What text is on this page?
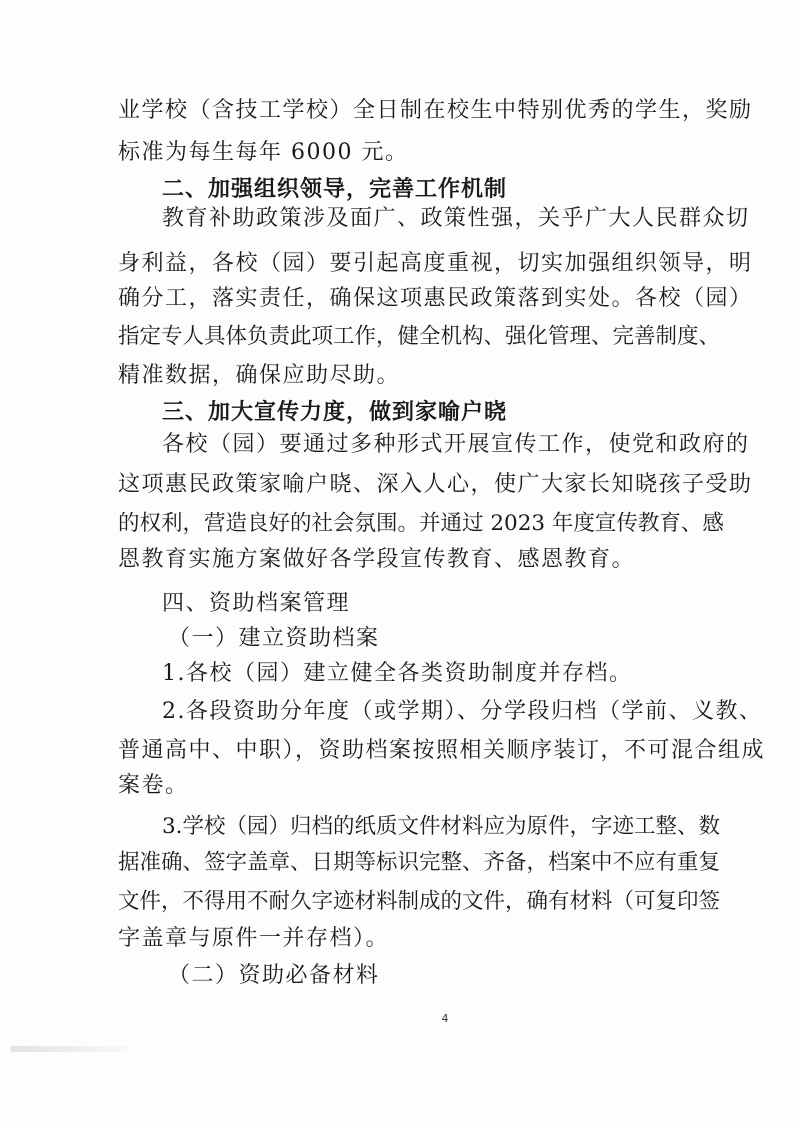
业学校（含技工学校）全日制在校生中特别优秀的学生，奖励
标准为每生每年 6000 元。
二、加强组织领导，完善工作机制
教育补助政策涉及面广、政策性强，关乎广大人民群众切
身利益，各校（园）要引起高度重视，切实加强组织领导，明
确分工，落实责任，确保这项惠民政策落到实处。各校（园）
指定专人具体负责此项工作，健全机构、强化管理、完善制度、
精准数据，确保应助尽助。
三、加大宣传力度，做到家喻户晓
各校（园）要通过多种形式开展宣传工作，使党和政府的
这项惠民政策家喻户晓、深入人心，使广大家长知晓孩子受助
的权利，营造良好的社会氛围。并通过 2023 年度宣传教育、感
恩教育实施方案做好各学段宣传教育、感恩教育。
四、资助档案管理
（一）建立资助档案
1.各校（园）建立健全各类资助制度并存档。
2.各段资助分年度（或学期）、分学段归档（学前、义教、
普通高中、中职），资助档案按照相关顺序装订，不可混合组成
案卷。
3.学校（园）归档的纸质文件材料应为原件，字迹工整、数
据准确、签字盖章、日期等标识完整、齐备，档案中不应有重复
文件，不得用不耐久字迹材料制成的文件，确有材料（可复印签
字盖章与原件一并存档）。
（二）资助必备材料
4
